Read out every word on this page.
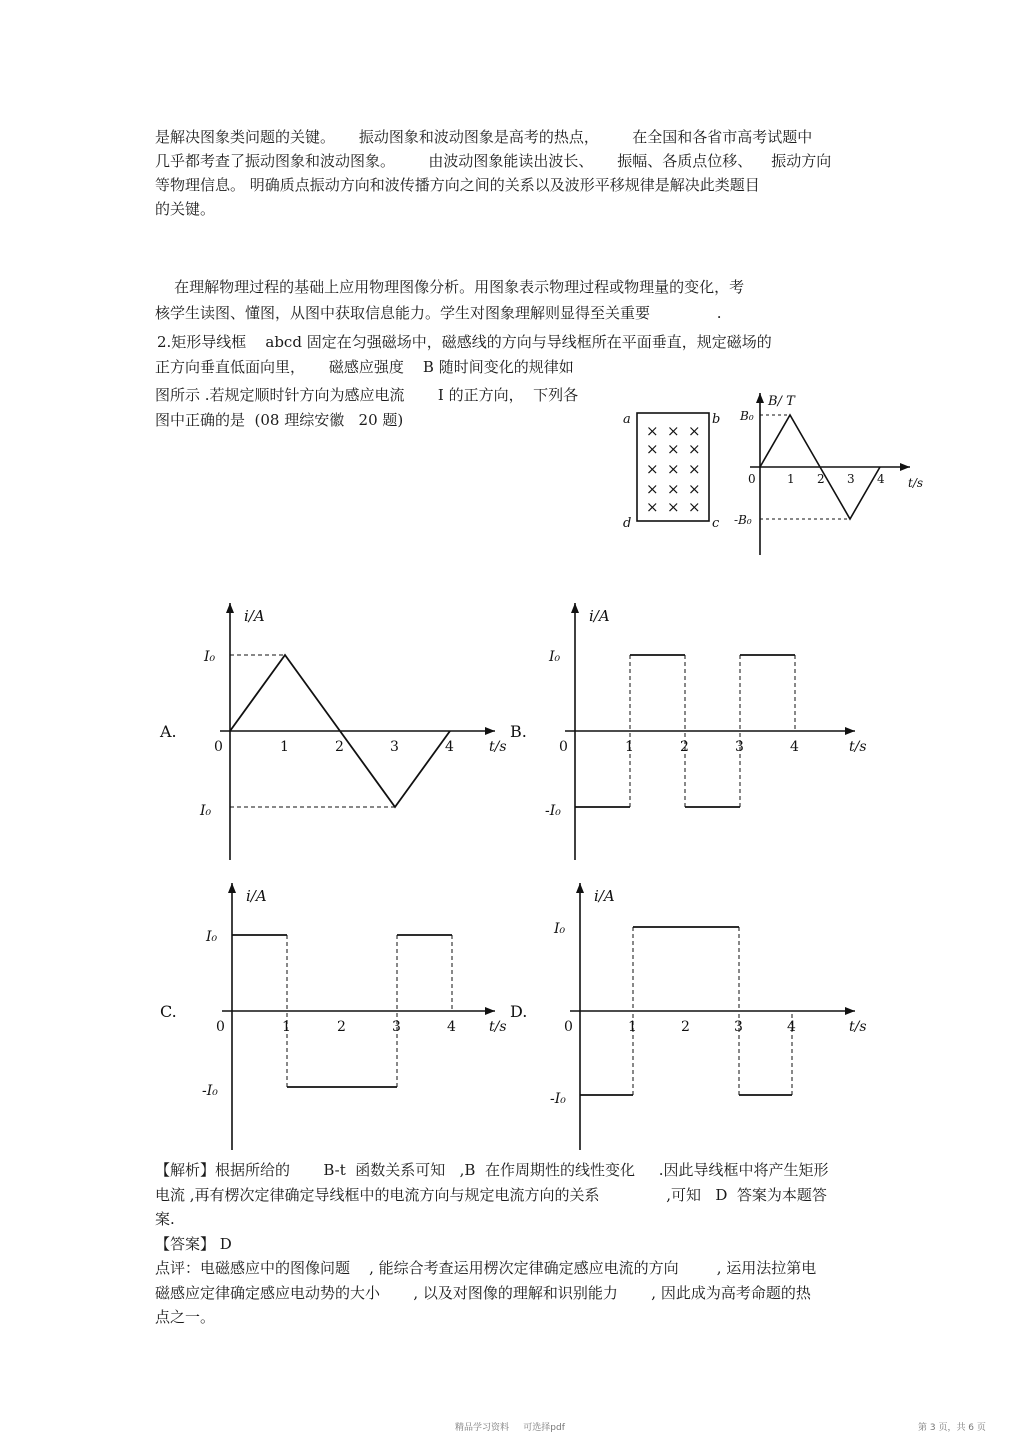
是解决图象类问题的关键。     振动图象和波动图象是高考的热点，       在全国和各省市高考试题中
几乎都考查了振动图象和波动图象。       由波动图象能读出波长、     振幅、各质点位移、    振动方向
等物理信息。 明确质点振动方向和波传播方向之间的关系以及波形平移规律是解决此类题目
的关键。
在理解物理过程的基础上应用物理图像分析。用图象表示物理过程或物理量的变化，考
核学生读图、懂图，从图中获取信息能力。学生对图象理解则显得至关重要              .
2.矩形导线框    abcd 固定在匀强磁场中，磁感线的方向与导线框所在平面垂直，规定磁场的
正方向垂直低面向里，     磁感应强度    B 随时间变化的规律如
图所示 .若规定顺时针方向为感应电流       I 的正方向，  下列各
图中正确的是  (08 理综安徽   20 题)	a	b
d	c
× × ×
× × ×
× × ×
× × ×
× × ×
B/ T
t/s
B₀
-B₀
0	1 2 3 4
A.
i/A
t/s
I₀
I₀
0	1	2	3	4
B.
i/A
t/s
I₀
-I₀
0	1	2	3	4
C.
i/A
t/s
I₀
-I₀
0	1	2	3	4
D.
i/A
t/s
I₀
-I₀
0	1	2	3	4
【解析】根据所给的       B-t  函数关系可知   ,B  在作周期性的线性变化     .因此导线框中将产生矩形
电流 ,再有楞次定律确定导线框中的电流方向与规定电流方向的关系              ,可知   D  答案为本题答
案.
【答案】 D
点评：电磁感应中的图像问题    , 能综合考查运用楞次定律确定感应电流的方向        , 运用法拉第电
磁感应定律确定感应电动势的大小       , 以及对图像的理解和识别能力       , 因此成为高考命题的热
点之一。
精品学习资料     可选择pdf	第 3 页，共 6 页
